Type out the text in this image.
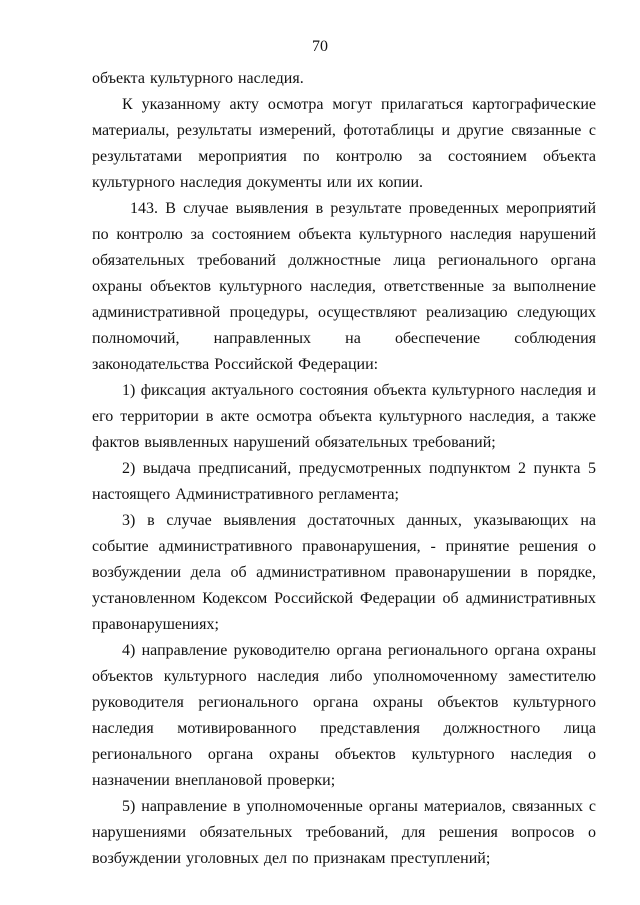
70

объекта культурного наследия.

К указанному акту осмотра могут прилагаться картографические материалы, результаты измерений, фототаблицы и другие связанные с результатами мероприятия по контролю за состоянием объекта культурного наследия документы или их копии.

143. В случае выявления в результате проведенных мероприятий по контролю за состоянием объекта культурного наследия нарушений обязательных требований должностные лица регионального органа охраны объектов культурного наследия, ответственные за выполнение административной процедуры, осуществляют реализацию следующих полномочий, направленных на обеспечение соблюдения законодательства Российской Федерации:

1) фиксация актуального состояния объекта культурного наследия и его территории в акте осмотра объекта культурного наследия, а также фактов выявленных нарушений обязательных требований;

2) выдача предписаний, предусмотренных подпунктом 2 пункта 5 настоящего Административного регламента;

3) в случае выявления достаточных данных, указывающих на событие административного правонарушения, - принятие решения о возбуждении дела об административном правонарушении в порядке, установленном Кодексом Российской Федерации об административных правонарушениях;

4) направление руководителю органа регионального органа охраны объектов культурного наследия либо уполномоченному заместителю руководителя регионального органа охраны объектов культурного наследия мотивированного представления должностного лица регионального органа охраны объектов культурного наследия о назначении внеплановой проверки;

5) направление в уполномоченные органы материалов, связанных с нарушениями обязательных требований, для решения вопросов о возбуждении уголовных дел по признакам преступлений;
